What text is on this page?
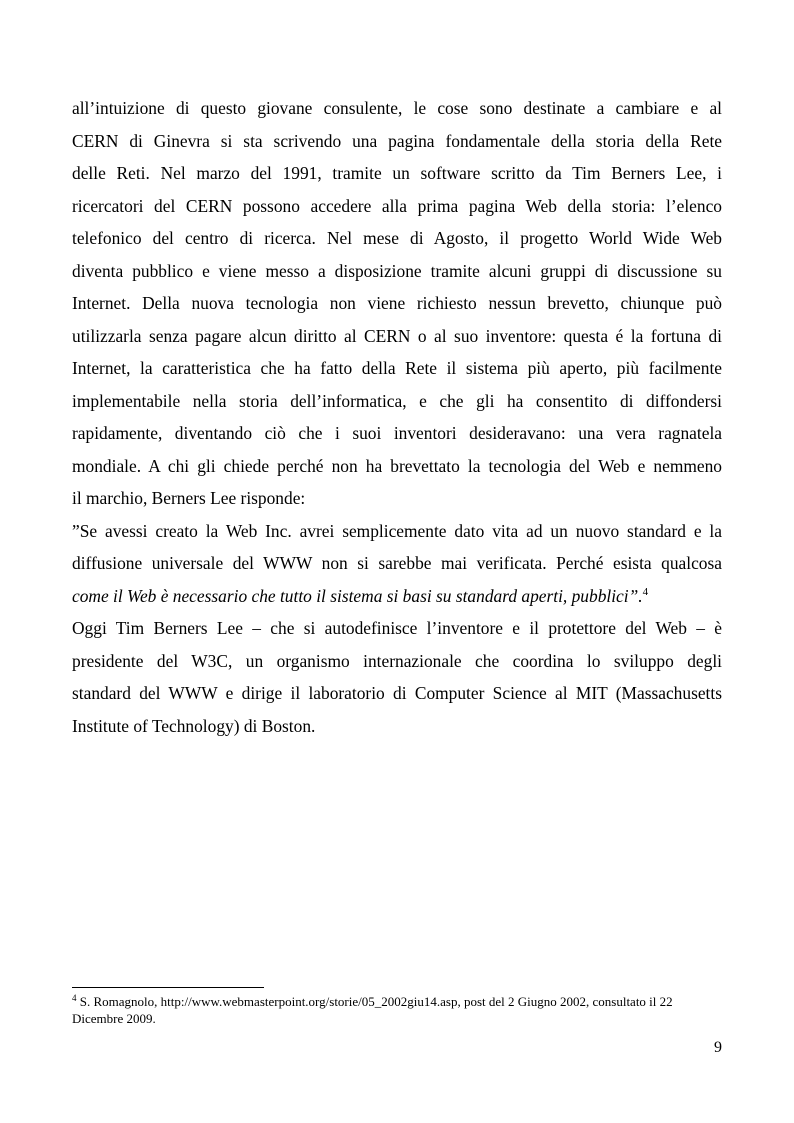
all’intuizione di questo giovane consulente, le cose sono destinate a cambiare e al
CERN di Ginevra si sta scrivendo una pagina fondamentale della storia della Rete
delle Reti. Nel marzo del 1991, tramite un software scritto da Tim Berners Lee, i
ricercatori del CERN possono accedere alla prima pagina Web della storia: l’elenco
telefonico del centro di ricerca. Nel mese di Agosto, il progetto World Wide Web
diventa pubblico e viene messo a disposizione tramite alcuni gruppi di discussione su
Internet. Della nuova tecnologia non viene richiesto nessun brevetto, chiunque può
utilizzarla senza pagare alcun diritto al CERN o al suo inventore: questa é la fortuna di
Internet, la caratteristica che ha fatto della Rete il sistema più aperto, più facilmente
implementabile nella storia dell’informatica, e che gli ha consentito di diffondersi
rapidamente, diventando ciò che i suoi inventori desideravano: una vera ragnatela
mondiale. A chi gli chiede perché non ha brevettato la tecnologia del Web e nemmeno
il marchio, Berners Lee risponde:

”Se avessi creato la Web Inc. avrei semplicemente dato vita ad un nuovo standard e la
diffusione universale del WWW non si sarebbe mai verificata. Perché esista qualcosa
come il Web è necessario che tutto il sistema si basi su standard aperti, pubblici”.$^4$

Oggi Tim Berners Lee – che si autodefinisce l’inventore e il protettore del Web – è
presidente del W3C, un organismo internazionale che coordina lo sviluppo degli
standard del WWW e dirige il laboratorio di Computer Science al MIT (Massachusetts
Institute of Technology) di Boston.

$^4$ S. Romagnolo, http://www.webmasterpoint.org/storie/05_2002giu14.asp, post del 2 Giugno 2002, consultato il 22
Dicembre 2009.
9
